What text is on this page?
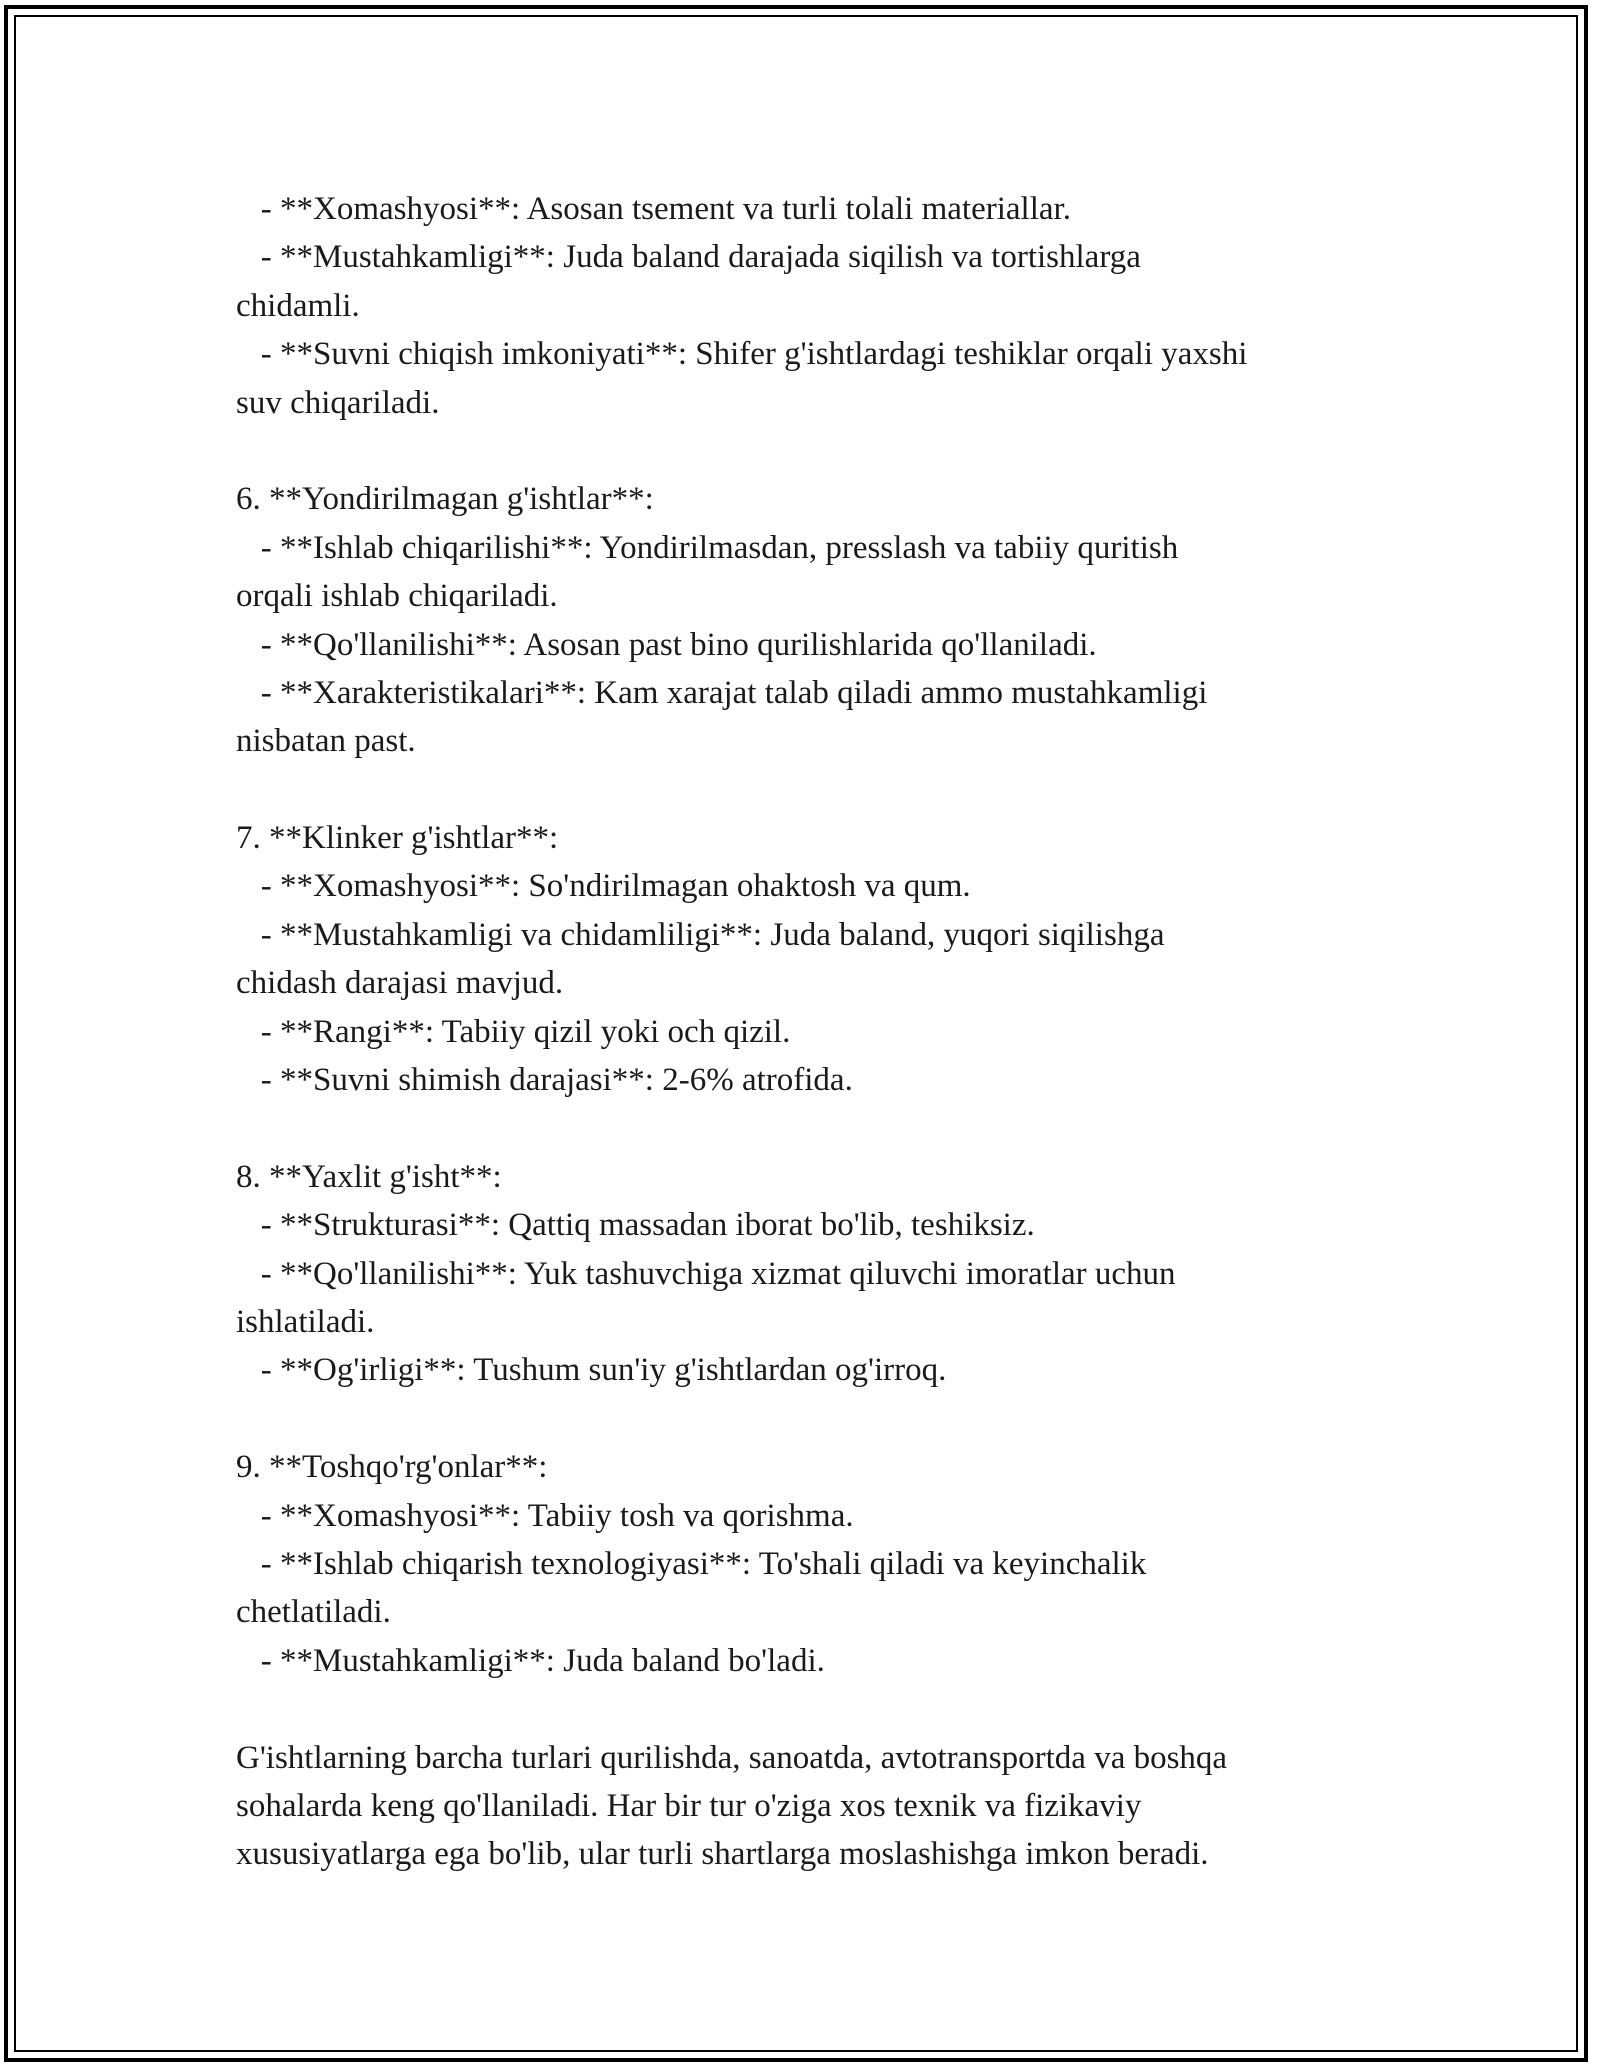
- **Xomashyosi**: Asosan tsement va turli tolali materiallar.
- **Mustahkamligi**: Juda baland darajada siqilish va tortishlarga
chidamli.
- **Suvni chiqish imkoniyati**: Shifer g'ishtlardagi teshiklar orqali yaxshi
suv chiqariladi.
6. **Yondirilmagan g'ishtlar**:
- **Ishlab chiqarilishi**: Yondirilmasdan, presslash va tabiiy quritish
orqali ishlab chiqariladi.
- **Qo'llanilishi**: Asosan past bino qurilishlarida qo'llaniladi.
- **Xarakteristikalari**: Kam xarajat talab qiladi ammo mustahkamligi
nisbatan past.
7. **Klinker g'ishtlar**:
- **Xomashyosi**: So'ndirilmagan ohaktosh va qum.
- **Mustahkamligi va chidamliligi**: Juda baland, yuqori siqilishga
chidash darajasi mavjud.
- **Rangi**: Tabiiy qizil yoki och qizil.
- **Suvni shimish darajasi**: 2-6% atrofida.
8. **Yaxlit g'isht**:
- **Strukturasi**: Qattiq massadan iborat bo'lib, teshiksiz.
- **Qo'llanilishi**: Yuk tashuvchiga xizmat qiluvchi imoratlar uchun
ishlatiladi.
- **Og'irligi**: Tushum sun'iy g'ishtlardan og'irroq.
9. **Toshqo'rg'onlar**:
- **Xomashyosi**: Tabiiy tosh va qorishma.
- **Ishlab chiqarish texnologiyasi**: To'shali qiladi va keyinchalik
chetlatiladi.
- **Mustahkamligi**: Juda baland bo'ladi.
G'ishtlarning barcha turlari qurilishda, sanoatda, avtotransportda va boshqa
sohalarda keng qo'llaniladi. Har bir tur o'ziga xos texnik va fizikaviy
xususiyatlarga ega bo'lib, ular turli shartlarga moslashishga imkon beradi.
